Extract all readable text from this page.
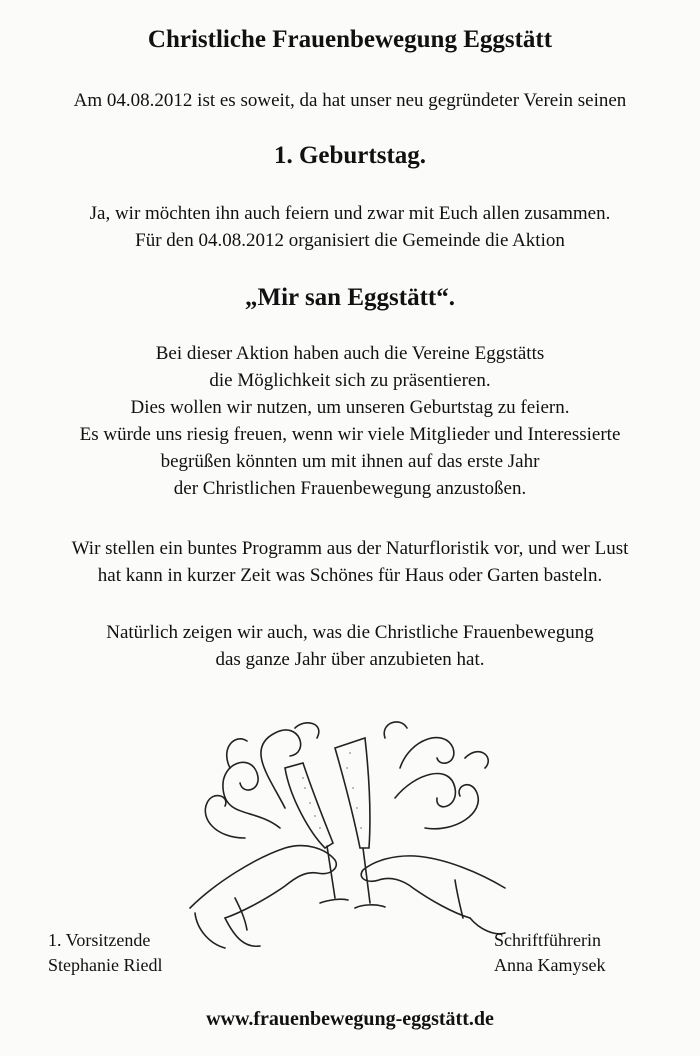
Christliche Frauenbewegung Eggstätt
Am 04.08.2012 ist es soweit, da hat unser neu gegründeter Verein seinen
1. Geburtstag.
Ja, wir möchten ihn auch feiern und zwar mit Euch allen zusammen.
Für den 04.08.2012 organisiert die Gemeinde die Aktion
„Mir san Eggstätt“.
Bei dieser Aktion haben auch die Vereine Eggstätts
die Möglichkeit sich zu präsentieren.
Dies wollen wir nutzen, um unseren Geburtstag zu feiern.
Es würde uns riesig freuen, wenn wir viele Mitglieder und Interessierte
begrüßen könnten um mit ihnen auf das erste Jahr
der Christlichen Frauenbewegung anzustoßen.
Wir stellen ein buntes Programm aus der Naturfloristik vor, und wer Lust
hat kann in kurzer Zeit was Schönes für Haus oder Garten basteln.
Natürlich zeigen wir auch, was die Christliche Frauenbewegung
das ganze Jahr über anzubieten hat.
1. Vorsitzende
Stephanie Riedl
Schriftführerin
Anna Kamysek
www.frauenbewegung-eggstätt.de
